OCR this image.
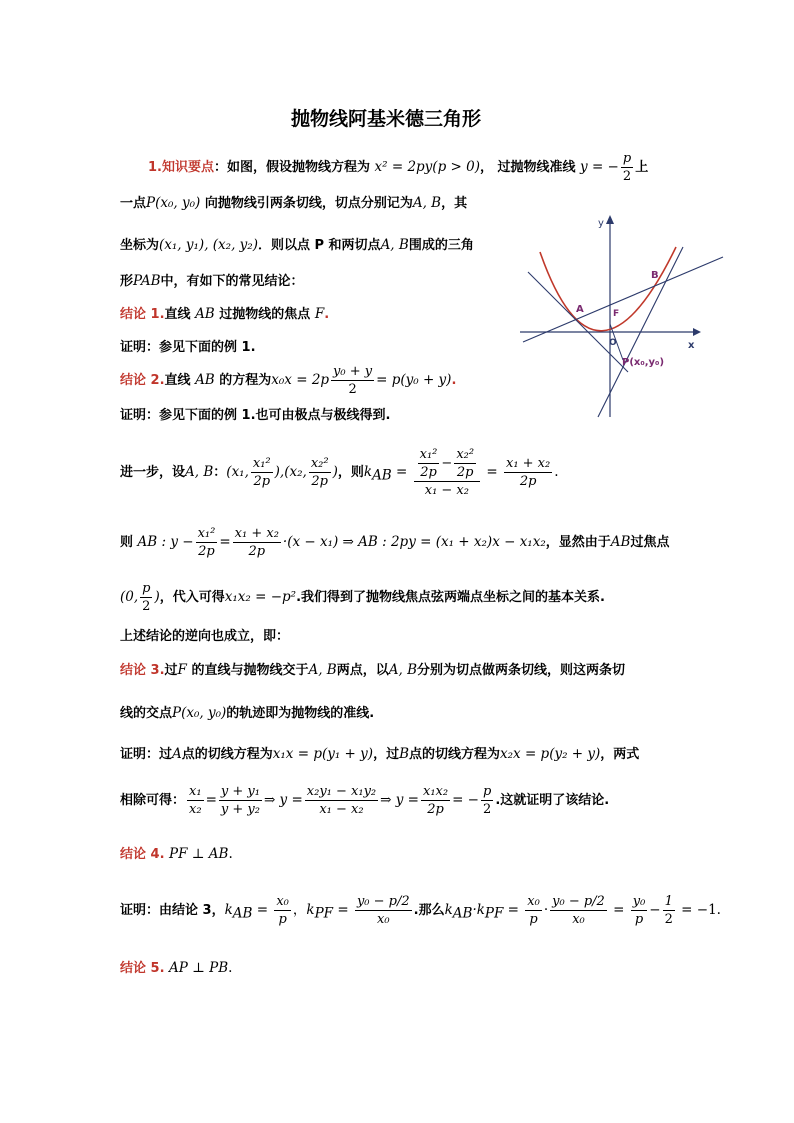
抛物线阿基米德三角形
1.知识要点：如图，假设抛物线方程为 x² = 2py(p > 0)， 过抛物线准线 y = − $\frac{p}{2}$ 上
一点P(x₀, y₀) 向抛物线引两条切线，切点分别记为A, B，其
坐标为(x₁, y₁), (x₂, y₂)．则以点 P 和两切点A, B围成的三角
形PAB中，有如下的常见结论：
结论 1.直线 AB 过抛物线的焦点 F.
证明：参见下面的例 1.
结论 2.直线 AB 的方程为$x_0x = 2p \frac{\text{y₀ + y}}{2} = p(y_0 + y)$.
证明：参见下面的例 1.也可由极点与极线得到.
进一步，设A, B：(x₁, $\frac{\text{x₁²}}{2p} ),(x_2$, $\frac{\text{x₂²}}{2p}$ )，则$k_{AB} = \frac{\frac{\text{x₁²}}{2p} - \frac{\text{x₂²}}{2p}}{\text{x₁ − x₂}} = \frac{\text{x₁ + x₂}}{2p}$ .
则 AB : $y - \frac{\text{x₁²}}{2p} = \frac{\text{x₁ + x₂}}{2p} \cdot(x - x_1)$ ⇒ AB : 2py = (x₁ + x₂)x − x₁x₂，显然由于AB过焦点
(0, $\frac{p}{2}$ )，代入可得x₁x₂ = −p².我们得到了抛物线焦点弦两端点坐标之间的基本关系.
上述结论的逆向也成立，即：
结论 3.过F 的直线与抛物线交于A, B两点，以A, B分别为切点做两条切线，则这两条切
线的交点P(x₀, y₀)的轨迹即为抛物线的准线.
证明：过A点的切线方程为x₁x = p(y₁ + y)，过B点的切线方程为x₂x = p(y₂ + y)，两式
相除可得： $\frac{\text{x₁}}{\text{x₂}} = \frac{\text{y + y₁}}{\text{y + y₂}}$ ⇒ $y = \frac{\text{x₂y₁ − x₁y₂}}{\text{x₁ − x₂}}$ ⇒ $y = \frac{\text{x₁x₂}}{2p}$ = − $\frac{p}{2}$ .这就证明了该结论.
结论 4. PF ⊥ AB.
证明：由结论 3，$k_{AB} = \frac{\text{x₀}}{p}$ ，$k_{PF} = \frac{\text{y₀ − p/2}}{\text{x₀}}$ .那么$k_{AB}\cdot k_{PF} = \frac{\text{x₀}}{p} \cdot \frac{\text{y₀ − p/2}}{\text{x₀}} = \frac{\text{y₀}}{p} - \frac{1}{2} = -1$.
结论 5. AP ⊥ PB.
y
x
A
B
F
O
P(x₀,y₀)
